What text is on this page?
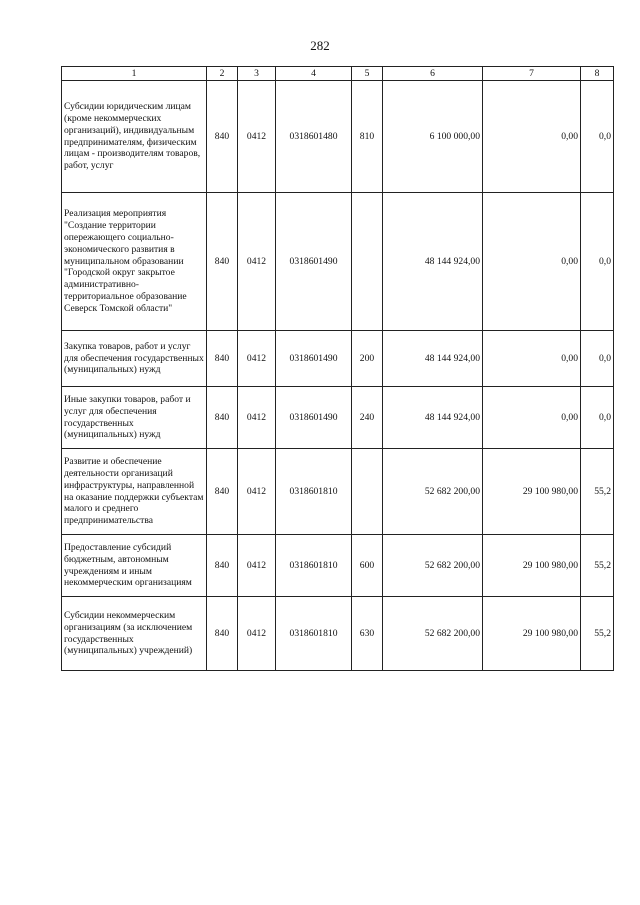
282
1	2	3	4	5	6	7	8
Субсидии юридическим лицам (кроме некоммерческих организаций), индивидуальным предпринимателям, физическим лицам - производителям товаров, работ, услуг	840	0412	0318601480	810	6 100 000,00	0,00	0,0
Реализация мероприятия "Создание территории опережающего социально-экономического развития в муниципальном образовании "Городской округ закрытое административно-территориальное образование Северск Томской области"	840	0412	0318601490		48 144 924,00	0,00	0,0
Закупка товаров, работ и услуг для обеспечения государственных (муниципальных) нужд	840	0412	0318601490	200	48 144 924,00	0,00	0,0
Иные закупки товаров, работ и услуг для обеспечения государственных (муниципальных) нужд	840	0412	0318601490	240	48 144 924,00	0,00	0,0
Развитие и обеспечение деятельности организаций инфраструктуры, направленной на оказание поддержки субъектам малого и среднего предпринимательства	840	0412	0318601810		52 682 200,00	29 100 980,00	55,2
Предоставление субсидий бюджетным, автономным учреждениям и иным некоммерческим организациям	840	0412	0318601810	600	52 682 200,00	29 100 980,00	55,2
Субсидии некоммерческим организациям (за исключением государственных (муниципальных) учреждений)	840	0412	0318601810	630	52 682 200,00	29 100 980,00	55,2
